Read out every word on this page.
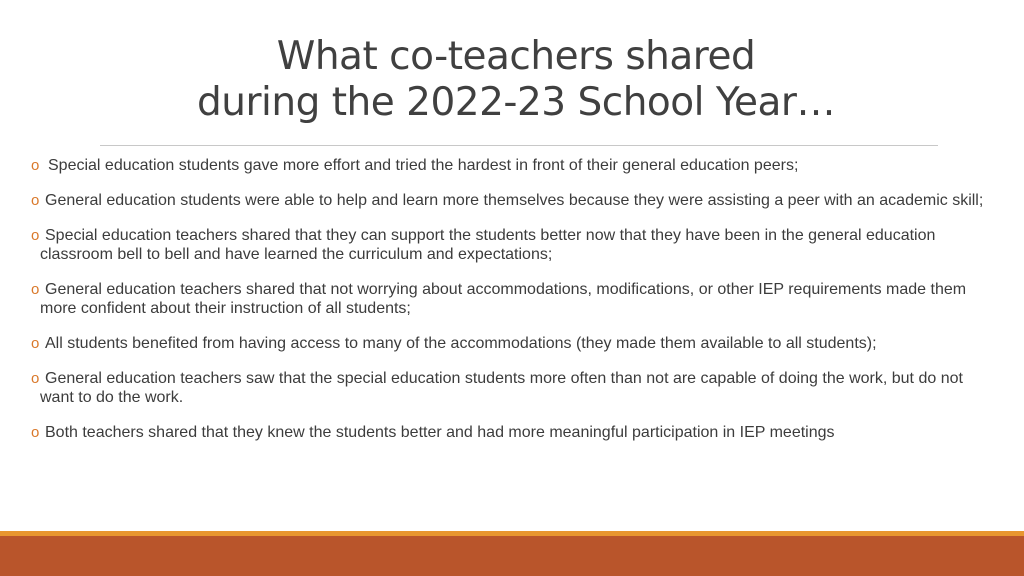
What co-teachers shared
during the 2022-23 School Year…
o Special education students gave more effort and tried the hardest in front of their general education peers;
o General education students were able to help and learn more themselves because they were assisting a peer with an academic skill;
o Special education teachers shared that they can support the students better now that they have been in the general education classroom bell to bell and have learned the curriculum and expectations;
o General education teachers shared that not worrying about accommodations, modifications, or other IEP requirements made them more confident about their instruction of all students;
o All students benefited from having access to many of the accommodations (they made them available to all students);
o General education teachers saw that the special education students more often than not are capable of doing the work, but do not want to do the work.
o Both teachers shared that they knew the students better and had more meaningful participation in IEP meetings
